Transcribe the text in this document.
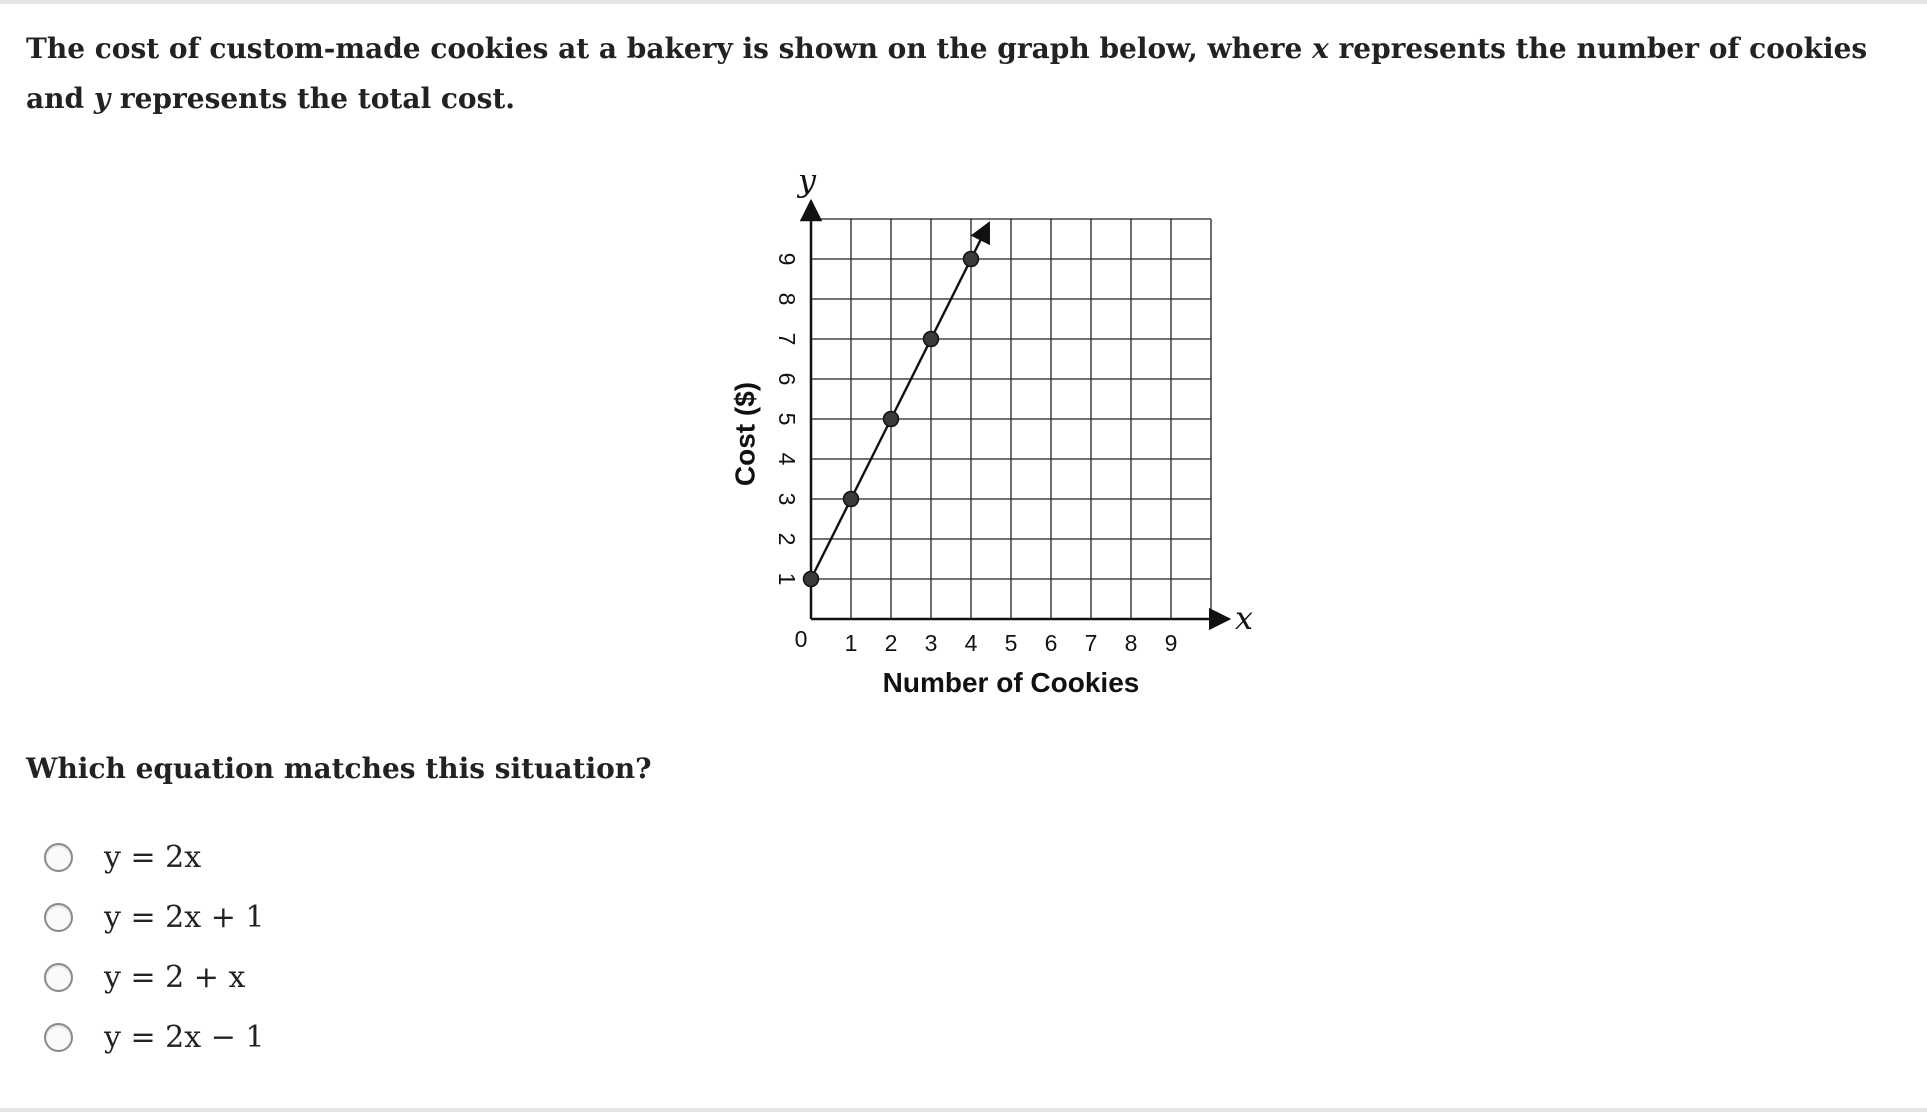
The cost of custom-made cookies at a bakery is shown on the graph below, where x represents the number of cookies and y represents the total cost.

x
y
1 2 3 4 5 6 7 8 9
0
1
2
3
4
5
6
7
8
9
Number of Cookies
Cost ($)

Which equation matches this situation?

y = 2x
y = 2x + 1
y = 2 + x
y = 2x − 1
